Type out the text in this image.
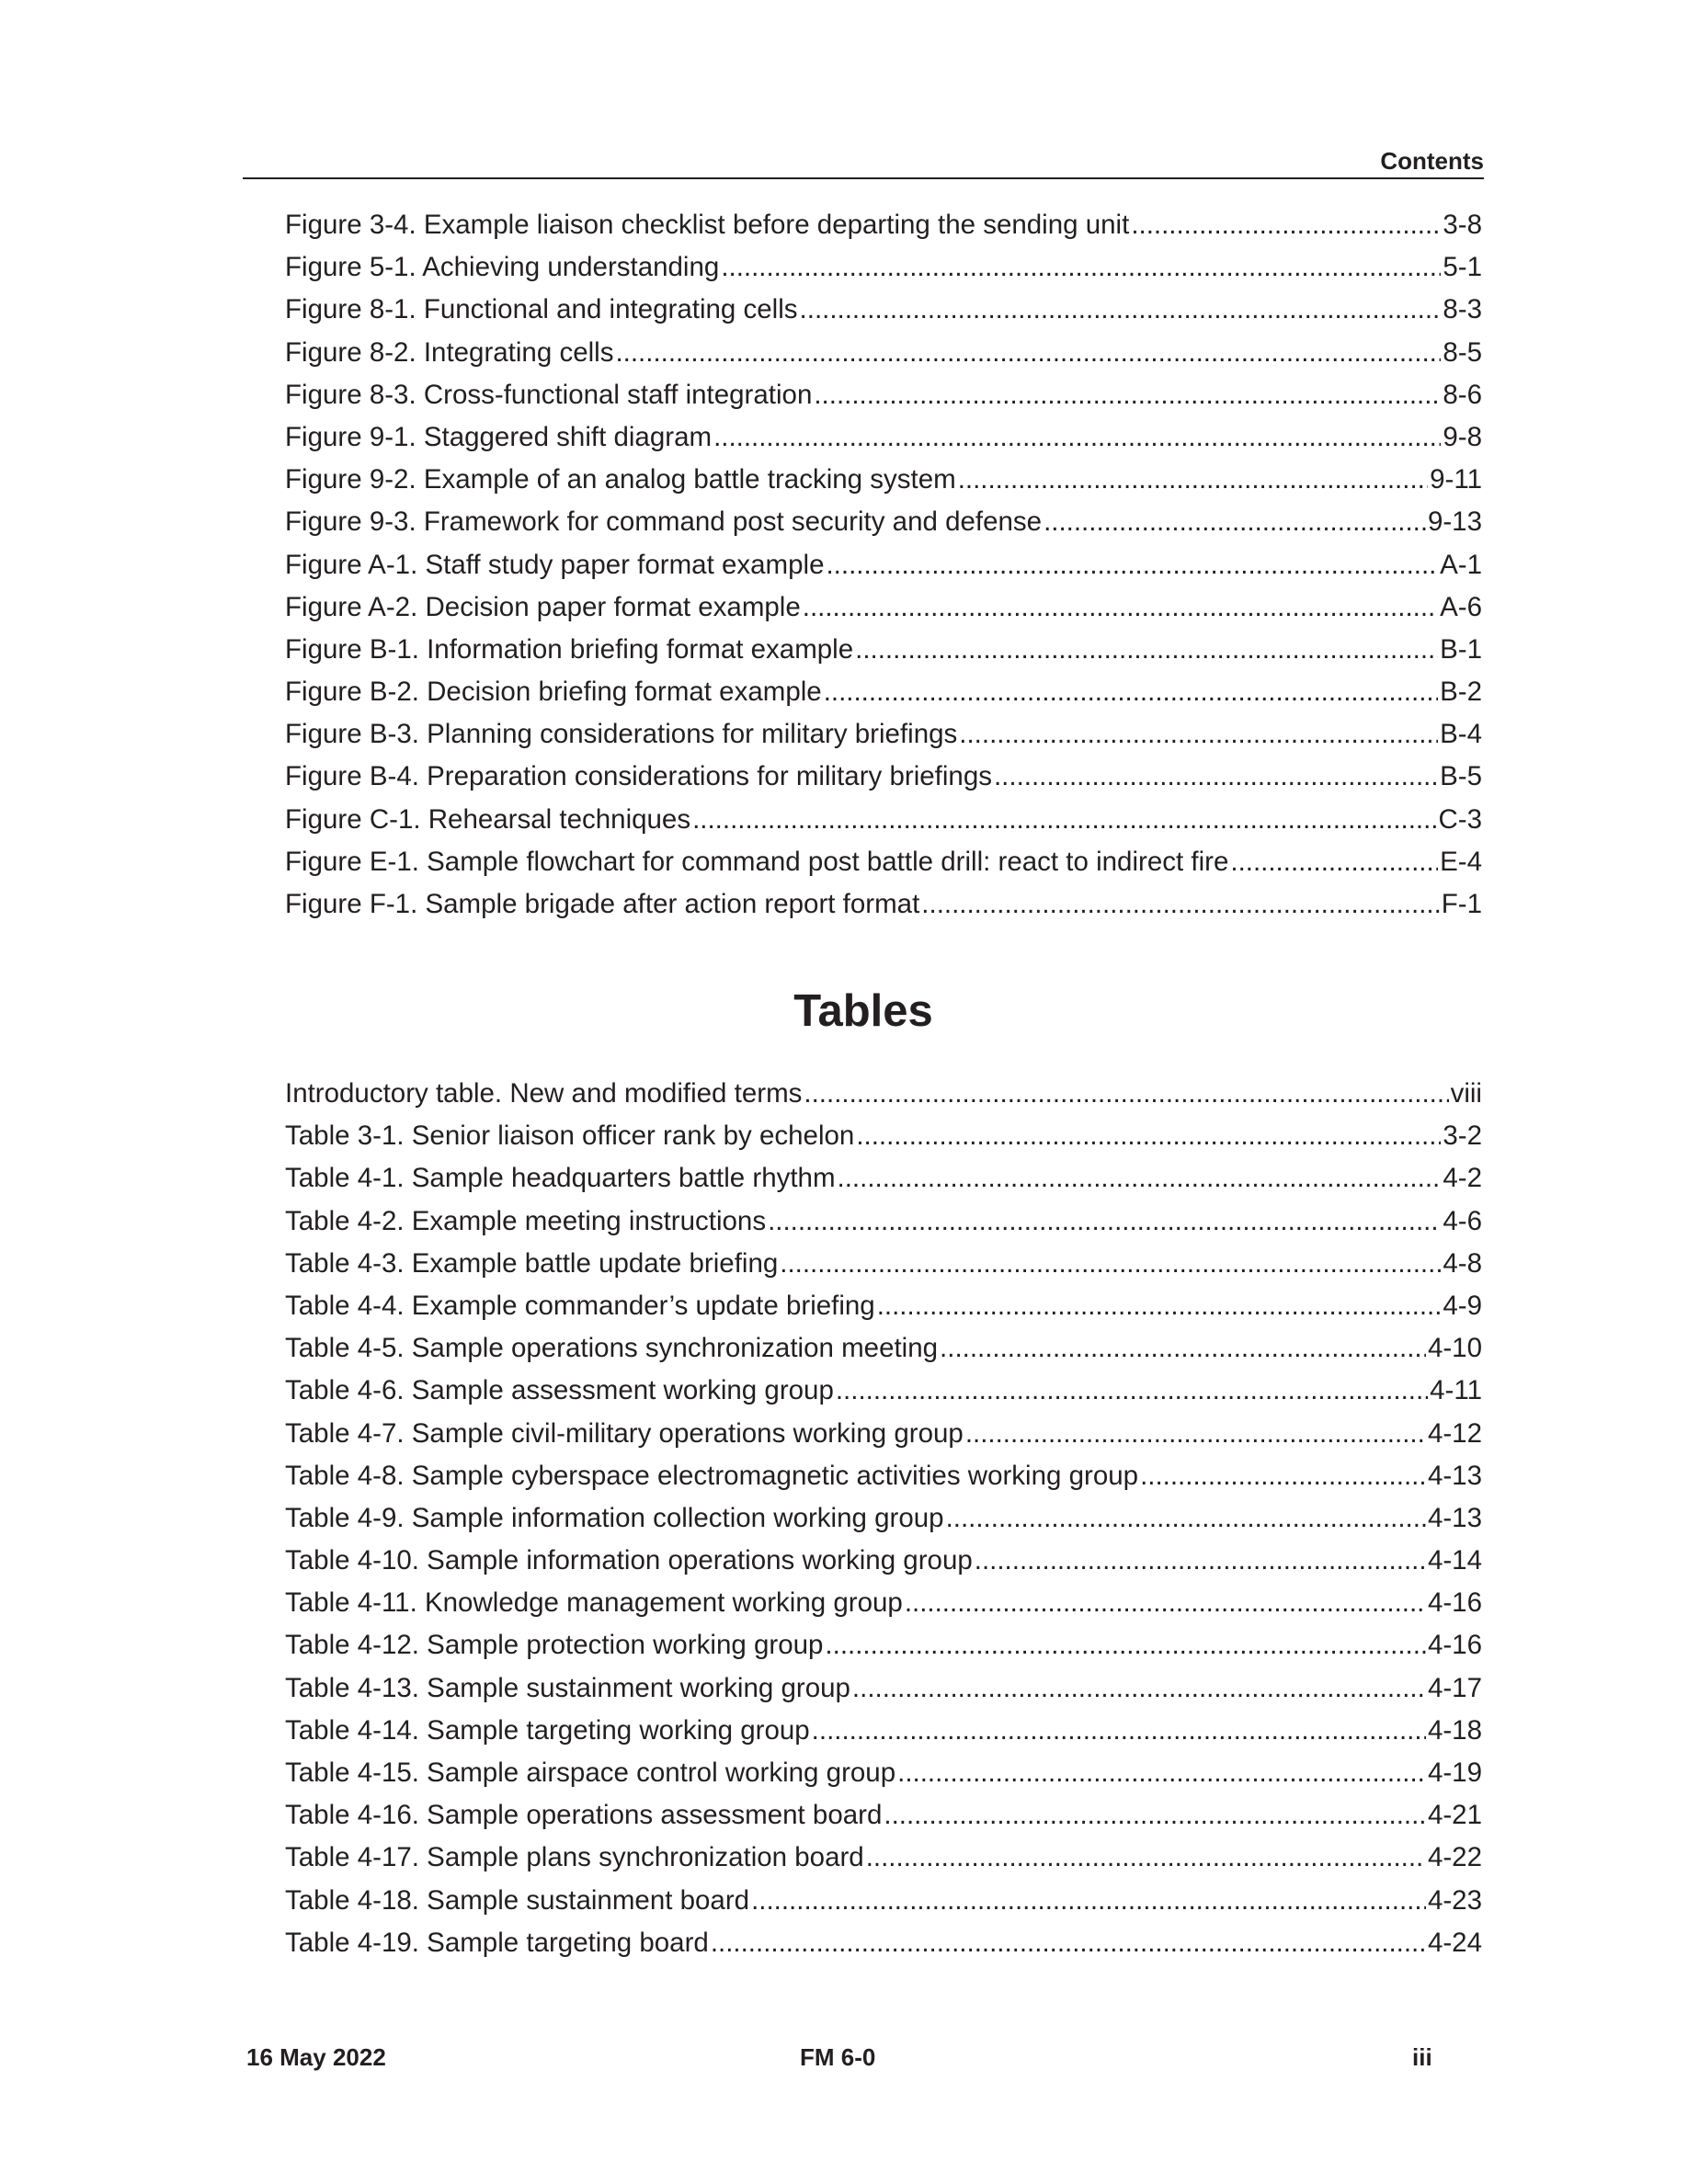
Contents
Figure 3-4. Example liaison checklist before departing the sending unit .....	3-8
Figure 5-1. Achieving understanding .....	5-1
Figure 8-1. Functional and integrating cells .....	8-3
Figure 8-2. Integrating cells .....	8-5
Figure 8-3. Cross-functional staff integration .....	8-6
Figure 9-1. Staggered shift diagram .....	9-8
Figure 9-2. Example of an analog battle tracking system .....	9-11
Figure 9-3. Framework for command post security and defense .....	9-13
Figure A-1. Staff study paper format example .....	A-1
Figure A-2. Decision paper format example .....	A-6
Figure B-1. Information briefing format example .....	B-1
Figure B-2. Decision briefing format example .....	B-2
Figure B-3. Planning considerations for military briefings .....	B-4
Figure B-4. Preparation considerations for military briefings .....	B-5
Figure C-1. Rehearsal techniques .....	C-3
Figure E-1. Sample flowchart for command post battle drill: react to indirect fire .....	E-4
Figure F-1. Sample brigade after action report format .....	F-1
Tables
Introductory table. New and modified terms .....	viii
Table 3-1. Senior liaison officer rank by echelon .....	3-2
Table 4-1. Sample headquarters battle rhythm .....	4-2
Table 4-2. Example meeting instructions .....	4-6
Table 4-3. Example battle update briefing .....	4-8
Table 4-4. Example commander’s update briefing .....	4-9
Table 4-5. Sample operations synchronization meeting .....	4-10
Table 4-6. Sample assessment working group .....	4-11
Table 4-7. Sample civil-military operations working group .....	4-12
Table 4-8. Sample cyberspace electromagnetic activities working group .....	4-13
Table 4-9. Sample information collection working group .....	4-13
Table 4-10. Sample information operations working group .....	4-14
Table 4-11. Knowledge management working group .....	4-16
Table 4-12. Sample protection working group .....	4-16
Table 4-13. Sample sustainment working group .....	4-17
Table 4-14. Sample targeting working group .....	4-18
Table 4-15. Sample airspace control working group .....	4-19
Table 4-16. Sample operations assessment board .....	4-21
Table 4-17. Sample plans synchronization board .....	4-22
Table 4-18. Sample sustainment board .....	4-23
Table 4-19. Sample targeting board .....	4-24
16 May 2022	FM 6-0	iii
